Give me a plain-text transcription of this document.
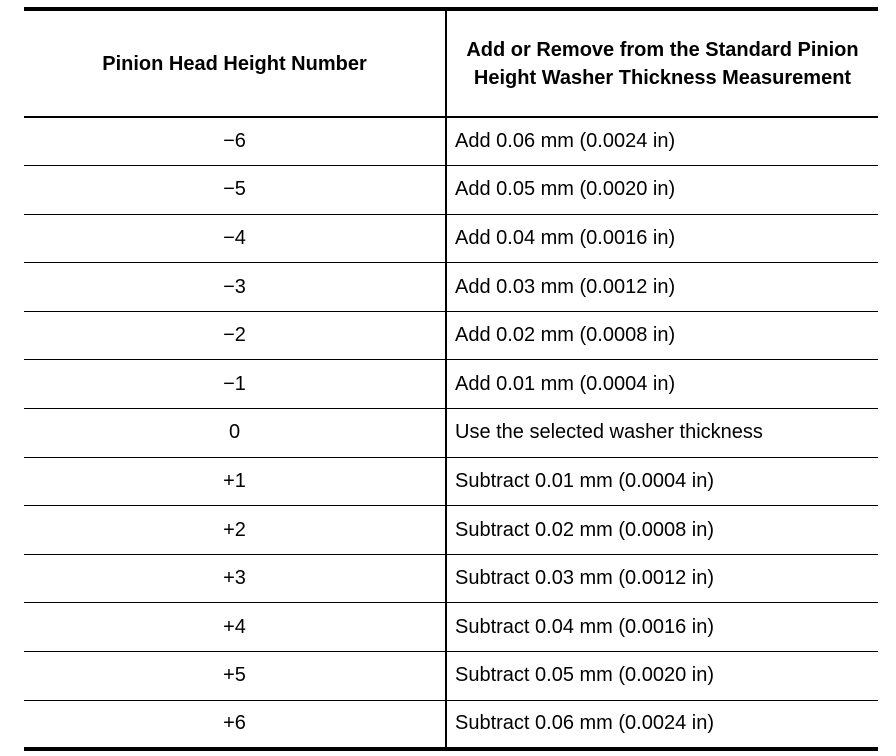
Pinion Head Height Number	Add or Remove from the Standard Pinion Height Washer Thickness Measurement
−6	Add 0.06 mm (0.0024 in)
−5	Add 0.05 mm (0.0020 in)
−4	Add 0.04 mm (0.0016 in)
−3	Add 0.03 mm (0.0012 in)
−2	Add 0.02 mm (0.0008 in)
−1	Add 0.01 mm (0.0004 in)
0	Use the selected washer thickness
+1	Subtract 0.01 mm (0.0004 in)
+2	Subtract 0.02 mm (0.0008 in)
+3	Subtract 0.03 mm (0.0012 in)
+4	Subtract 0.04 mm (0.0016 in)
+5	Subtract 0.05 mm (0.0020 in)
+6	Subtract 0.06 mm (0.0024 in)
